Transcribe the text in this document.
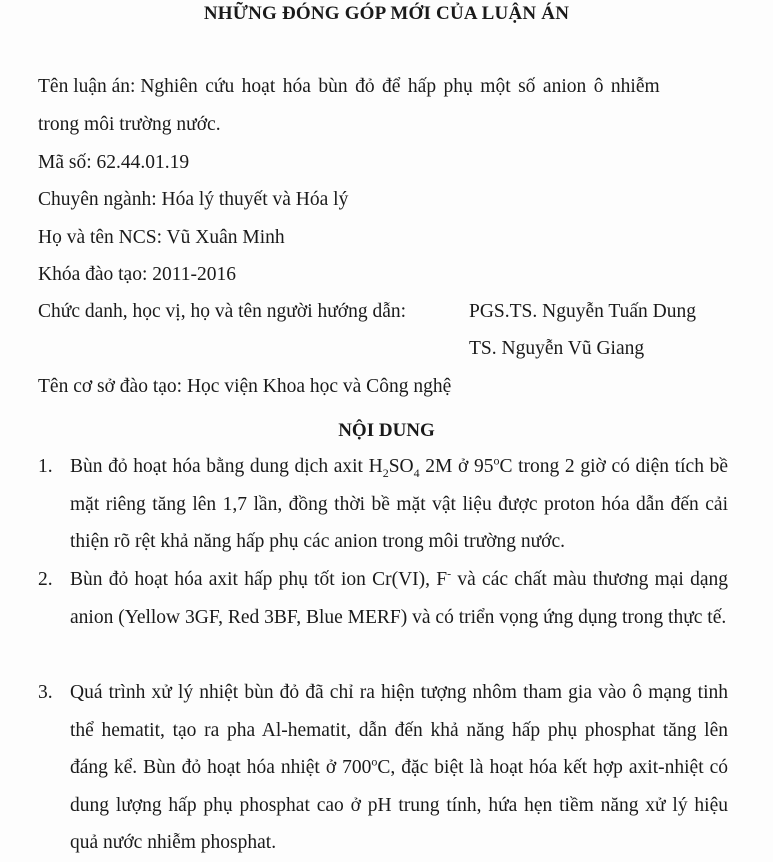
NHỮNG ĐÓNG GÓP MỚI CỦA LUẬN ÁN
Tên luận án: Nghiên cứu hoạt hóa bùn đỏ để hấp phụ một số anion ô nhiễm
trong môi trường nước.
Mã số: 62.44.01.19
Chuyên ngành: Hóa lý thuyết và Hóa lý
Họ và tên NCS: Vũ Xuân Minh
Khóa đào tạo: 2011-2016
Chức danh, học vị, họ và tên người hướng dẫn:	PGS.TS. Nguyễn Tuấn Dung
TS. Nguyễn Vũ Giang
Tên cơ sở đào tạo: Học viện Khoa học và Công nghệ
NỘI DUNG
1. Bùn đỏ hoạt hóa bằng dung dịch axit $H_2SO_4$ 2M ở 95$^o$C trong 2 giờ có diện tích bề mặt riêng tăng lên 1,7 lần, đồng thời bề mặt vật liệu được proton hóa dẫn đến cải thiện rõ rệt khả năng hấp phụ các anion trong môi trường nước.
2. Bùn đỏ hoạt hóa axit hấp phụ tốt ion Cr(VI), F- và các chất màu thương mại dạng anion (Yellow 3GF, Red 3BF, Blue MERF) và có triển vọng ứng dụng trong thực tế.
3. Quá trình xử lý nhiệt bùn đỏ đã chỉ ra hiện tượng nhôm tham gia vào ô mạng tinh thể hematit, tạo ra pha Al-hematit, dẫn đến khả năng hấp phụ phosphat tăng lên đáng kể. Bùn đỏ hoạt hóa nhiệt ở 700$^o$C, đặc biệt là hoạt hóa kết hợp axit-nhiệt có dung lượng hấp phụ phosphat cao ở pH trung tính, hứa hẹn tiềm năng xử lý hiệu quả nước nhiễm phosphat.
